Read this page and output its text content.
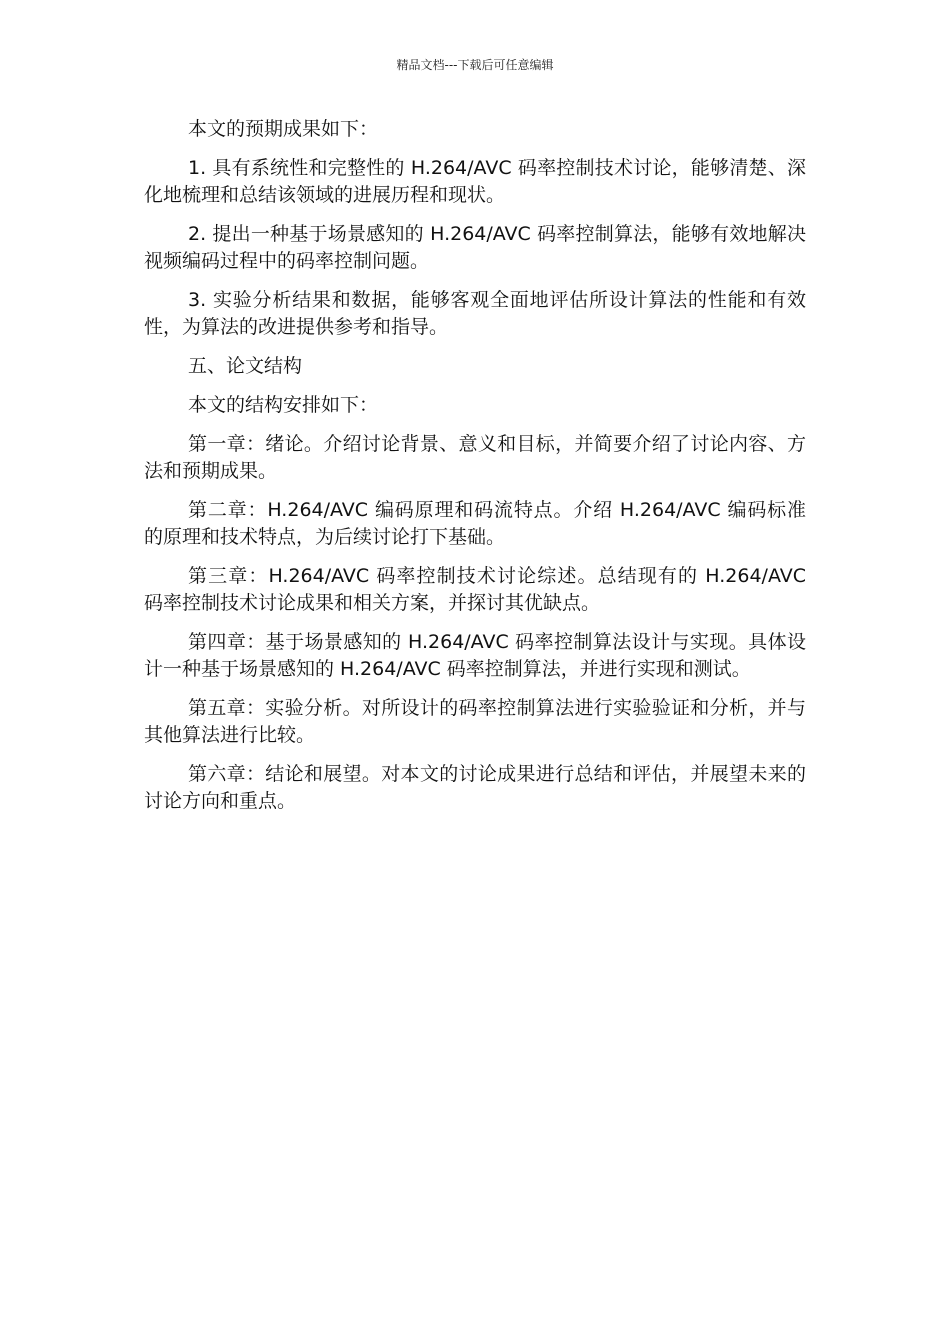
精品文档---下载后可任意编辑

本文的预期成果如下：

1. 具有系统性和完整性的 H.264/AVC 码率控制技术讨论，能够清楚、深化地梳理和总结该领域的进展历程和现状。

2. 提出一种基于场景感知的 H.264/AVC 码率控制算法，能够有效地解决视频编码过程中的码率控制问题。

3. 实验分析结果和数据，能够客观全面地评估所设计算法的性能和有效性，为算法的改进提供参考和指导。

五、论文结构

本文的结构安排如下：

第一章：绪论。介绍讨论背景、意义和目标，并简要介绍了讨论内容、方法和预期成果。

第二章：H.264/AVC 编码原理和码流特点。介绍 H.264/AVC 编码标准的原理和技术特点，为后续讨论打下基础。

第三章：H.264/AVC 码率控制技术讨论综述。总结现有的 H.264/AVC 码率控制技术讨论成果和相关方案，并探讨其优缺点。

第四章：基于场景感知的 H.264/AVC 码率控制算法设计与实现。具体设计一种基于场景感知的 H.264/AVC 码率控制算法，并进行实现和测试。

第五章：实验分析。对所设计的码率控制算法进行实验验证和分析，并与其他算法进行比较。

第六章：结论和展望。对本文的讨论成果进行总结和评估，并展望未来的讨论方向和重点。
